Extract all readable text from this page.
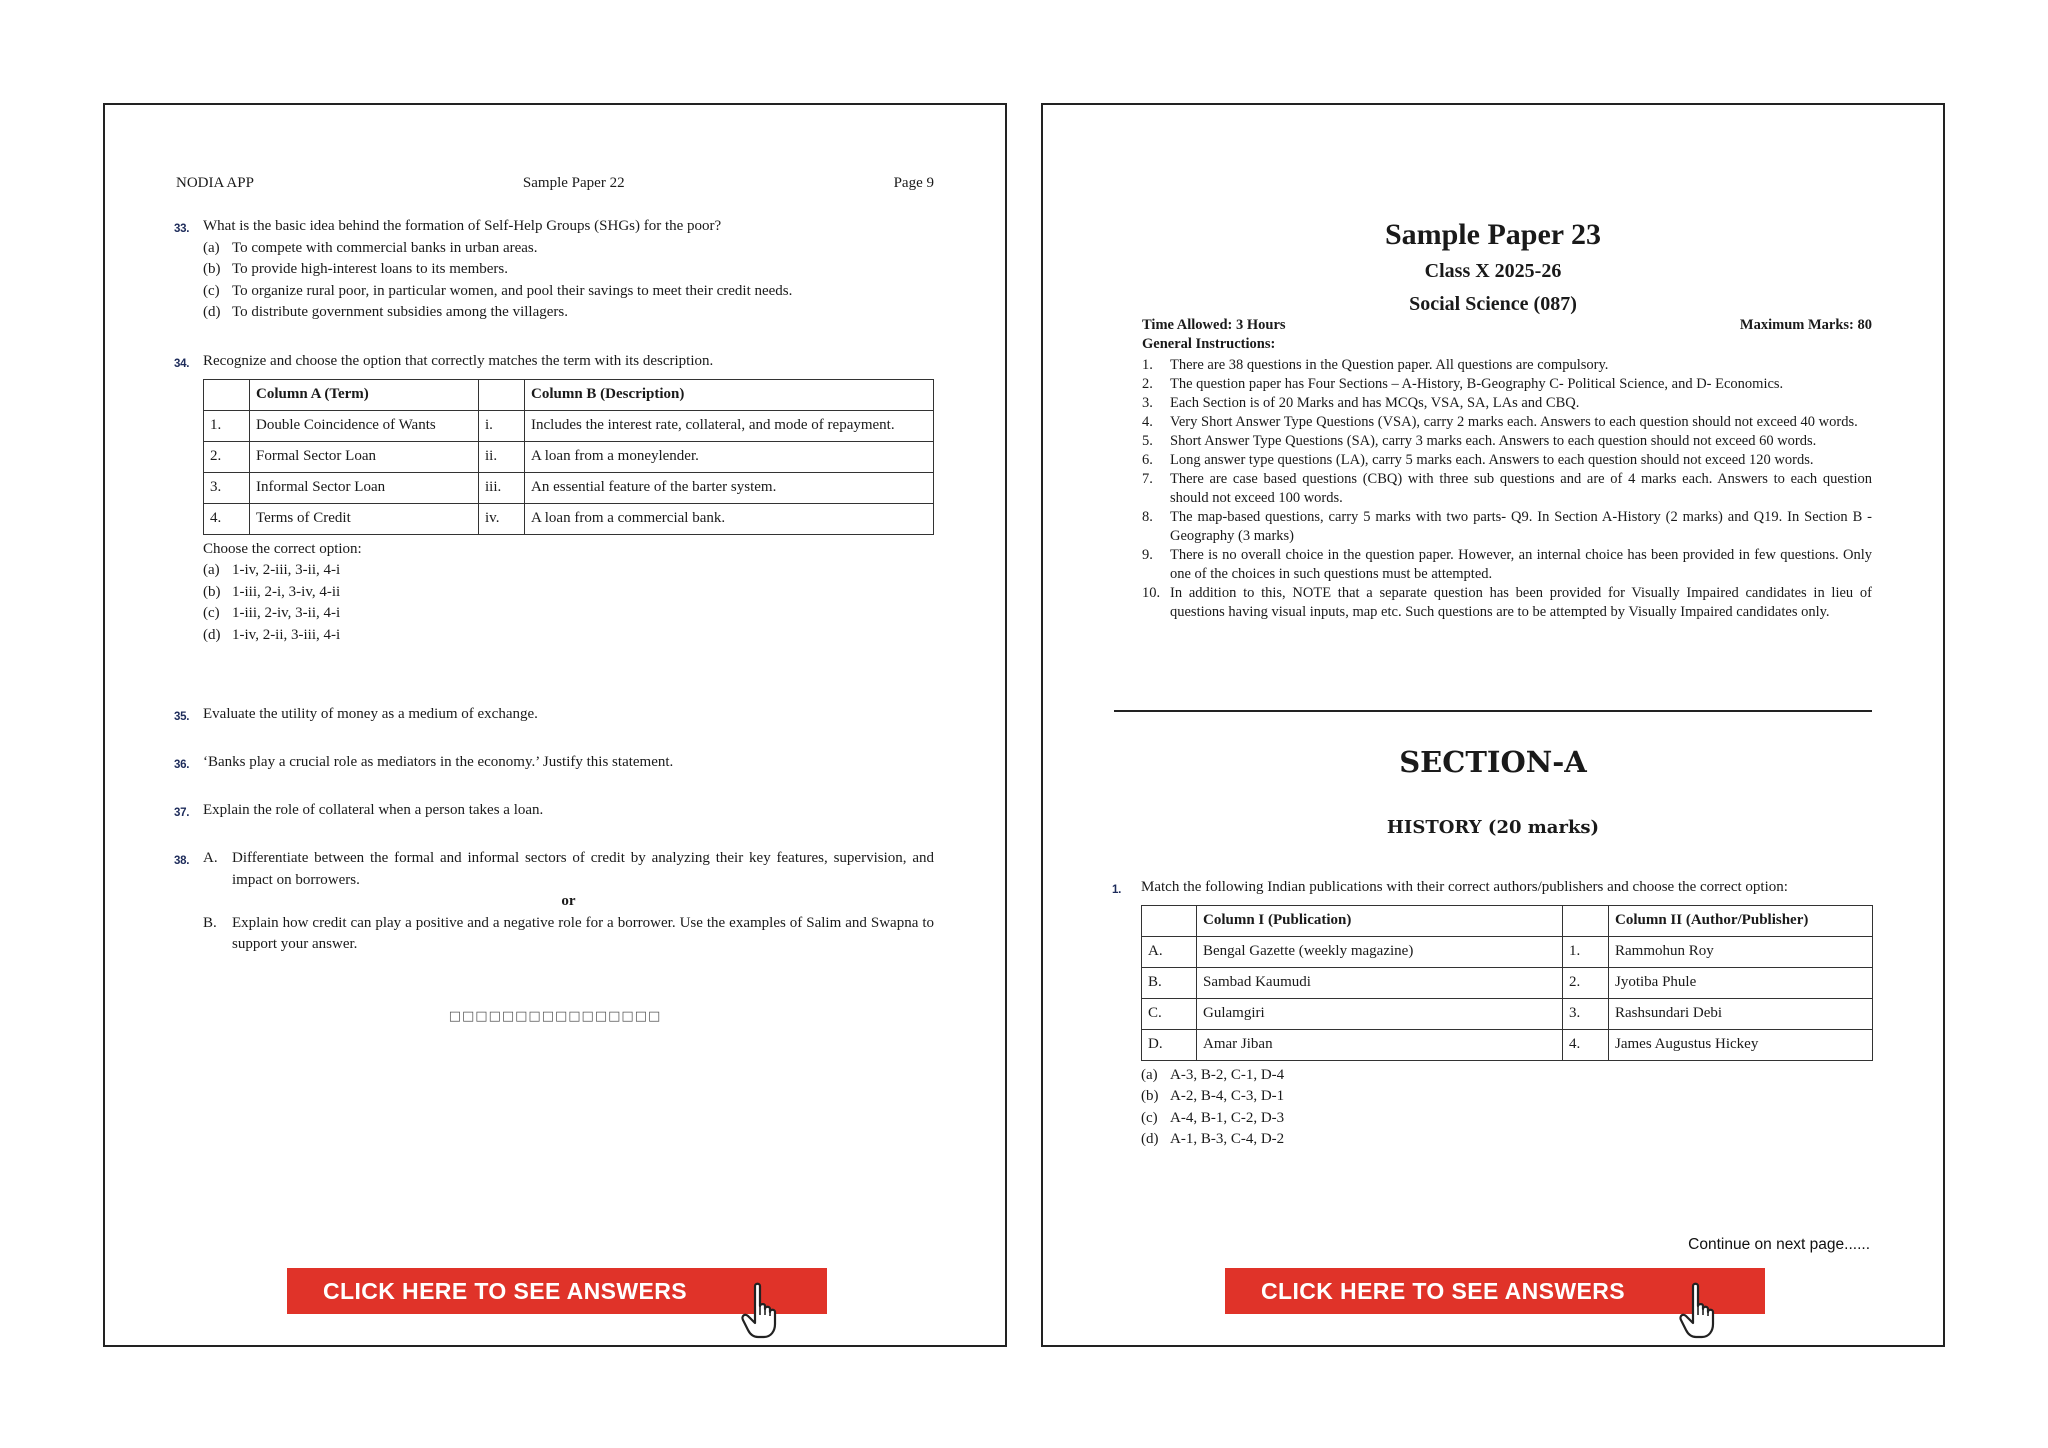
NODIA APP	Sample Paper 22	Page 9
33. What is the basic idea behind the formation of Self-Help Groups (SHGs) for the poor?
(a) To compete with commercial banks in urban areas.
(b) To provide high-interest loans to its members.
(c) To organize rural poor, in particular women, and pool their savings to meet their credit needs.
(d) To distribute government subsidies among the villagers.
34. Recognize and choose the option that correctly matches the term with its description.
	Column A (Term)		Column B (Description)
1.	Double Coincidence of Wants	i.	Includes the interest rate, collateral, and mode of repayment.
2.	Formal Sector Loan	ii.	A loan from a moneylender.
3.	Informal Sector Loan	iii.	An essential feature of the barter system.
4.	Terms of Credit	iv.	A loan from a commercial bank.
Choose the correct option:
(a) 1-iv, 2-iii, 3-ii, 4-i
(b) 1-iii, 2-i, 3-iv, 4-ii
(c) 1-iii, 2-iv, 3-ii, 4-i
(d) 1-iv, 2-ii, 3-iii, 4-i
35. Evaluate the utility of money as a medium of exchange.
36. ‘Banks play a crucial role as mediators in the economy.’ Justify this statement.
37. Explain the role of collateral when a person takes a loan.
38. A. Differentiate between the formal and informal sectors of credit by analyzing their key features, supervision, and impact on borrowers.
or
B.	Explain how credit can play a positive and a negative role for a borrower. Use the examples of Salim and Swapna to support your answer.
□□□□□□□□□□□□□□□□
CLICK HERE TO SEE ANSWERS
Sample Paper 23
Class X 2025-26
Social Science (087)
Time Allowed: 3 Hours	Maximum Marks: 80
General Instructions:
1.	There are 38 questions in the Question paper. All questions are compulsory.
2.	The question paper has Four Sections – A-History, B-Geography C- Political Science, and D- Economics.
3.	Each Section is of 20 Marks and has MCQs, VSA, SA, LAs and CBQ.
4.	Very Short Answer Type Questions (VSA), carry 2 marks each. Answers to each question should not exceed 40 words.
5.	Short Answer Type Questions (SA), carry 3 marks each. Answers to each question should not exceed 60 words.
6.	Long answer type questions (LA), carry 5 marks each. Answers to each question should not exceed 120 words.
7.	There are case based questions (CBQ) with three sub questions and are of 4 marks each. Answers to each question should not exceed 100 words.
8.	The map-based questions, carry 5 marks with two parts- Q9. In Section A-History (2 marks) and Q19. In Section B -Geography (3 marks)
9.	There is no overall choice in the question paper. However, an internal choice has been provided in few questions. Only one of the choices in such questions must be attempted.
10. In addition to this, NOTE that a separate question has been provided for Visually Impaired candidates in lieu of questions having visual inputs, map etc. Such questions are to be attempted by Visually Impaired candidates only.
SECTION-A
HISTORY (20 marks)
1. Match the following Indian publications with their correct authors/publishers and choose the correct option:
	Column I (Publication)		Column II (Author/Publisher)
A.	Bengal Gazette (weekly magazine)	1.	Rammohun Roy
B.	Sambad Kaumudi	2.	Jyotiba Phule
C.	Gulamgiri	3.	Rashsundari Debi
D.	Amar Jiban	4.	James Augustus Hickey
(a) A-3, B-2, C-1, D-4
(b) A-2, B-4, C-3, D-1
(c) A-4, B-1, C-2, D-3
(d) A-1, B-3, C-4, D-2
Continue on next page......
CLICK HERE TO SEE ANSWERS
